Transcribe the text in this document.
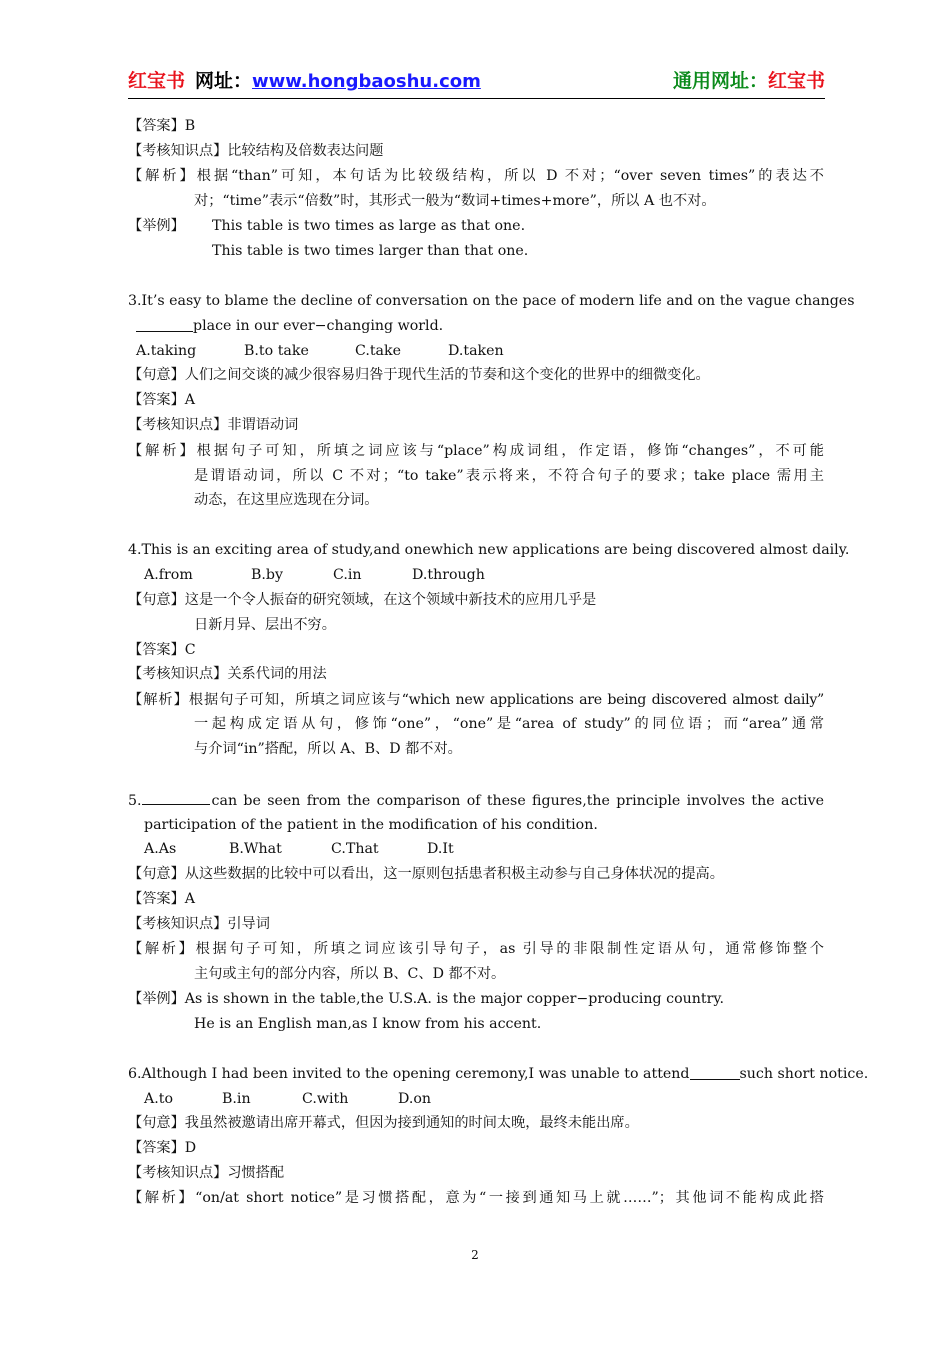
红宝书 网址：www.hongbaoshu.com	通用网址：红宝书
【答案】B
【考核知识点】比较结构及倍数表达问题
【解析】根据“than”可知，本句话为比较级结构，所以 D 不对；“over seven times”的表达不
对；“time”表示“倍数”时，其形式一般为“数词+times+more”，所以 A 也不对。
【举例】 This table is two times as large as that one.
This table is two times larger than that one.
3.It’s easy to blame the decline of conversation on the pace of modern life and on the vague changes
place in our ever−changing world.
A.taking	B.to take	C.take	D.taken
【句意】人们之间交谈的减少很容易归咎于现代生活的节奏和这个变化的世界中的细微变化。
【答案】A
【考核知识点】非谓语动词
【解析】根据句子可知，所填之词应该与“place”构成词组，作定语，修饰“changes”，不可能
是谓语动词，所以 C 不对；“to take”表示将来，不符合句子的要求；take place 需用主
动态，在这里应选现在分词。
4.This is an exciting area of study,and onewhich new applications are being discovered almost daily.
A.from	B.by	C.in	D.through
【句意】这是一个令人振奋的研究领域，在这个领域中新技术的应用几乎是
日新月异、层出不穷。
【答案】C
【考核知识点】关系代词的用法
【解析】根据句子可知，所填之词应该与“which new applications are being discovered almost daily”
一起构成定语从句，修饰“one”，“one”是“area of study”的同位语；而“area”通常
与介词“in”搭配，所以 A、B、D 都不对。
5.	can be seen from the comparison of these figures,the principle involves the active
participation of the patient in the modification of his condition.
A.As	B.What	C.That	D.It
【句意】从这些数据的比较中可以看出，这一原则包括患者积极主动参与自己身体状况的提高。
【答案】A
【考核知识点】引导词
【解析】根据句子可知，所填之词应该引导句子，as 引导的非限制性定语从句，通常修饰整个
主句或主句的部分内容，所以 B、C、D 都不对。
【举例】As is shown in the table,the U.S.A. is the major copper−producing country.
He is an English man,as I know from his accent.
6.Although I had been invited to the opening ceremony,I was unable to attend	such short notice.
A.to	B.in	C.with	D.on
【句意】我虽然被邀请出席开幕式，但因为接到通知的时间太晚，最终未能出席。
【答案】D
【考核知识点】习惯搭配
【解析】“on/at short notice”是习惯搭配，意为“一接到通知马上就……”；其他词不能构成此搭
2
